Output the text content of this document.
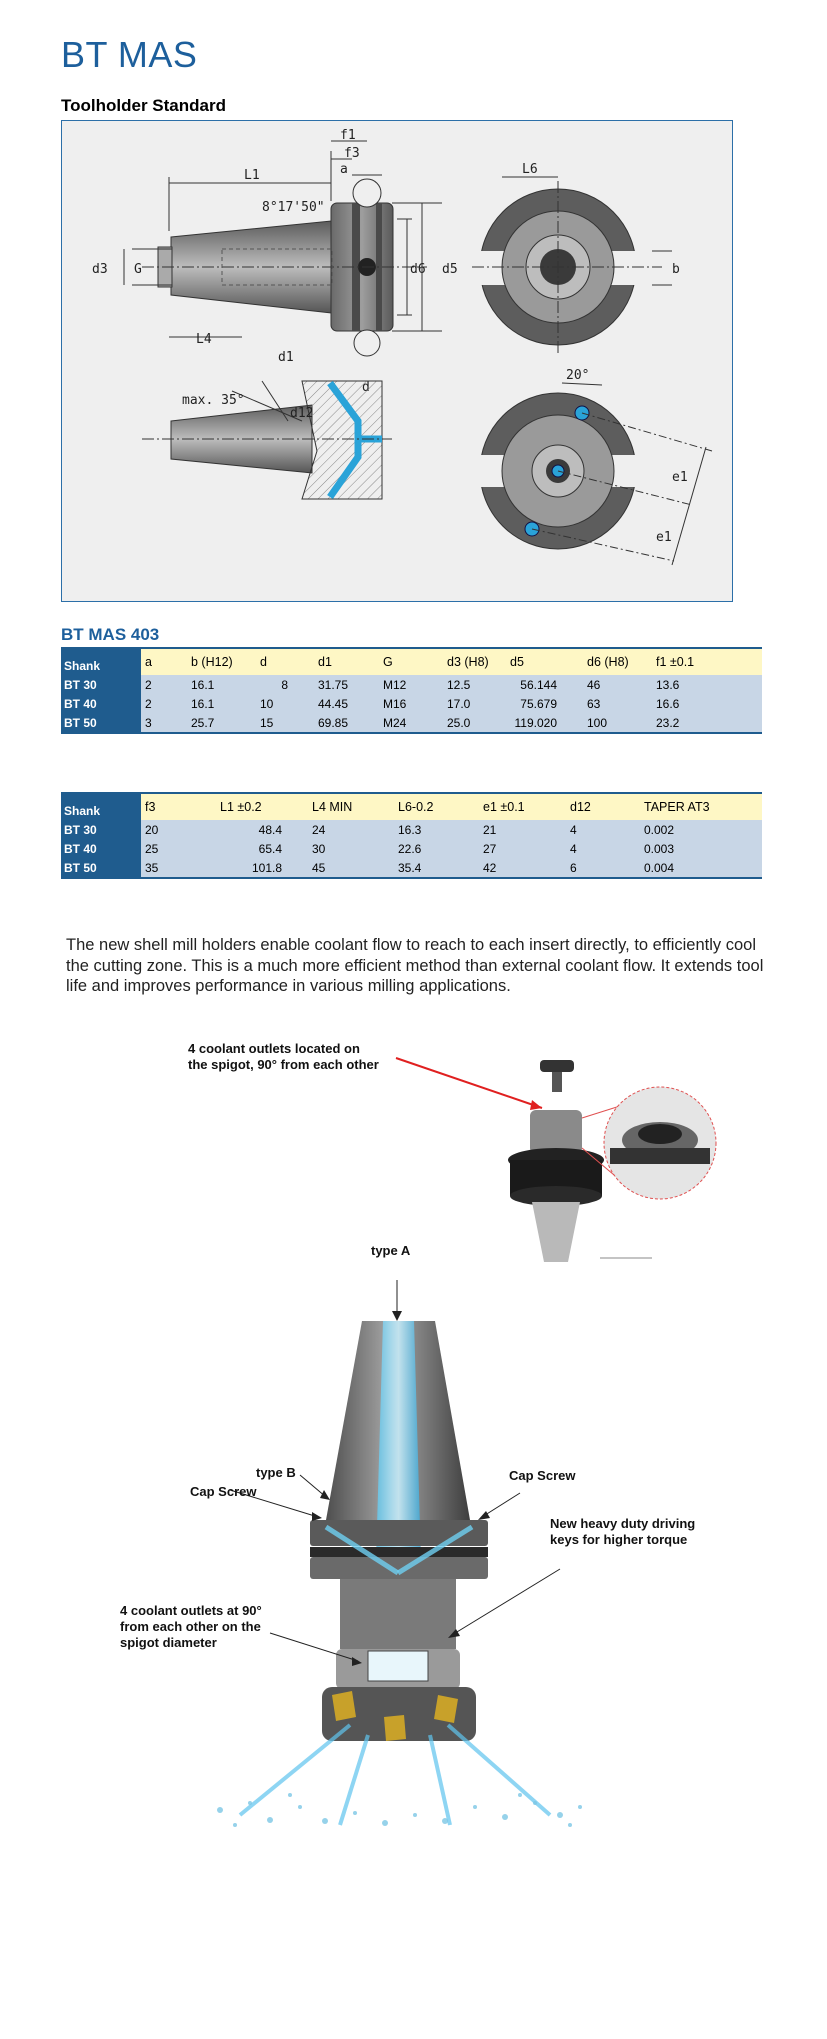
BT MAS
Toolholder Standard
L1
f1
f3
a
8°17'50"
d3 G	d6 d5
L4
d1
L6
b
max. 35°
d12
20°
e1
e1
BT MAS 403
Shank	a	b (H12)	d	d1	G	d3 (H8)	d5	d6 (H8)	f1 ±0.1
BT 30	2	16.1	8	31.75	M12	12.5	56.144	46	13.6
BT 40	2	16.1	10	44.45	M16	17.0	75.679	63	16.6
BT 50	3	25.7	15	69.85	M24	25.0	119.020	100	23.2
Shank	f3	L1 ±0.2	L4 MIN	L6-0.2	e1 ±0.1	d12	TAPER AT3
BT 30	20	48.4	24	16.3	21	4	0.002
BT 40	25	65.4	30	22.6	27	4	0.003
BT 50	35	101.8	45	35.4	42	6	0.004
The new shell mill holders enable coolant flow to reach to each insert directly, to efficiently cool the cutting zone. This is a much more efficient method than external coolant flow. It extends tool life and improves performance in various milling applications.
4 coolant outlets located on
the spigot, 90° from each other
type A
type B
Cap Screw
Cap Screw
New heavy duty driving
keys for higher torque
4 coolant outlets at 90°
from each other on the
spigot diameter
